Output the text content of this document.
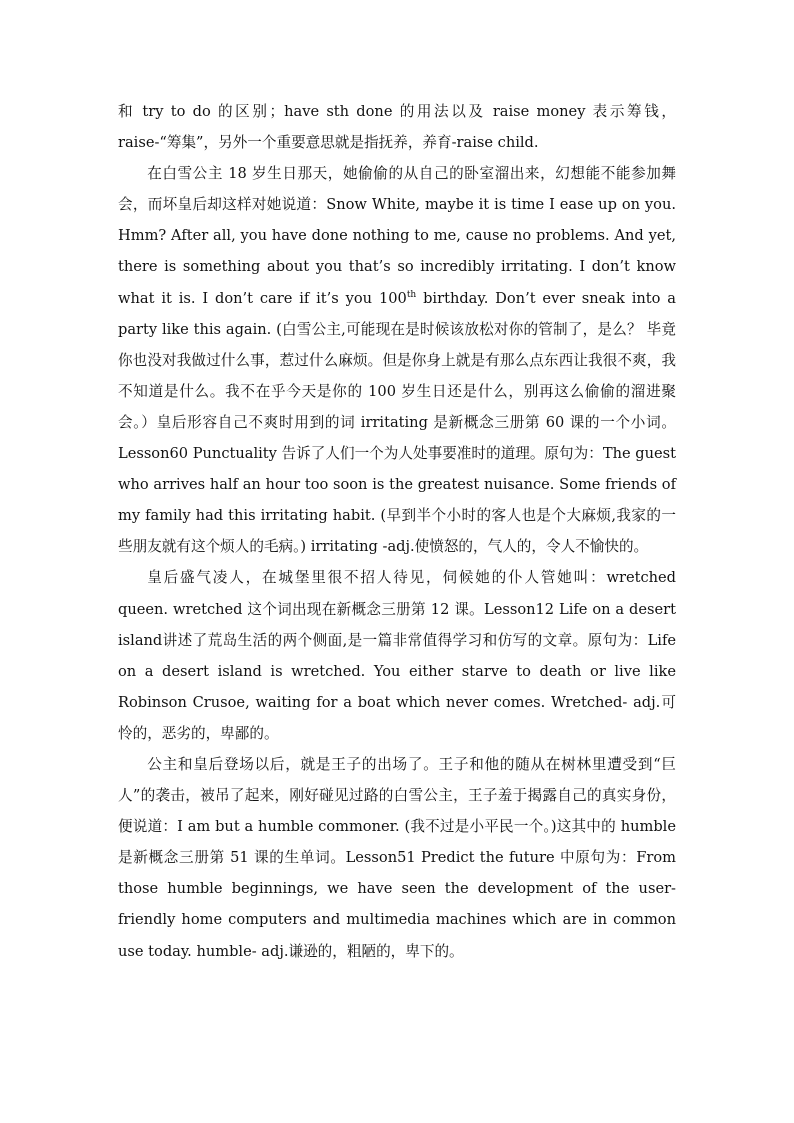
和 try to do 的区别；have sth done 的用法以及 raise money 表示筹钱，raise-“筹集”，另外一个重要意思就是指抚养，养育-raise child.

在白雪公主 18 岁生日那天，她偷偷的从自己的卧室溜出来，幻想能不能参加舞会，而坏皇后却这样对她说道：Snow White, maybe it is time I ease up on you. Hmm? After all, you have done nothing to me, cause no problems. And yet, there is something about you that’s so incredibly irritating. I don’t know what it is. I don’t care if it’s you 100th birthday. Don’t ever sneak into a party like this again. (白雪公主,可能现在是时候该放松对你的管制了，是么？ 毕竟你也没对我做过什么事，惹过什么麻烦。但是你身上就是有那么点东西让我很不爽，我不知道是什么。我不在乎今天是你的 100 岁生日还是什么，别再这么偷偷的溜进聚会。）皇后形容自己不爽时用到的词 irritating 是新概念三册第 60 课的一个小词。Lesson60 Punctuality 告诉了人们一个为人处事要准时的道理。原句为：The guest who arrives half an hour too soon is the greatest nuisance. Some friends of my family had this irritating habit. (早到半个小时的客人也是个大麻烦,我家的一些朋友就有这个烦人的毛病。) irritating -adj.使愤怒的，气人的，令人不愉快的。

皇后盛气凌人，在城堡里很不招人待见，伺候她的仆人管她叫：wretched queen. wretched 这个词出现在新概念三册第 12 课。Lesson12 Life on a desert island讲述了荒岛生活的两个侧面,是一篇非常值得学习和仿写的文章。原句为：Life on a desert island is wretched. You either starve to death or live like Robinson Crusoe, waiting for a boat which never comes. Wretched- adj.可怜的，恶劣的，卑鄙的。

公主和皇后登场以后，就是王子的出场了。王子和他的随从在树林里遭受到“巨人”的袭击，被吊了起来，刚好碰见过路的白雪公主，王子羞于揭露自己的真实身份，便说道：I am but a humble commoner. (我不过是小平民一个。)这其中的 humble 是新概念三册第 51 课的生单词。Lesson51 Predict the future 中原句为：From those humble beginnings, we have seen the development of the user-friendly home computers and multimedia machines which are in common use today. humble- adj.谦逊的，粗陋的，卑下的。
